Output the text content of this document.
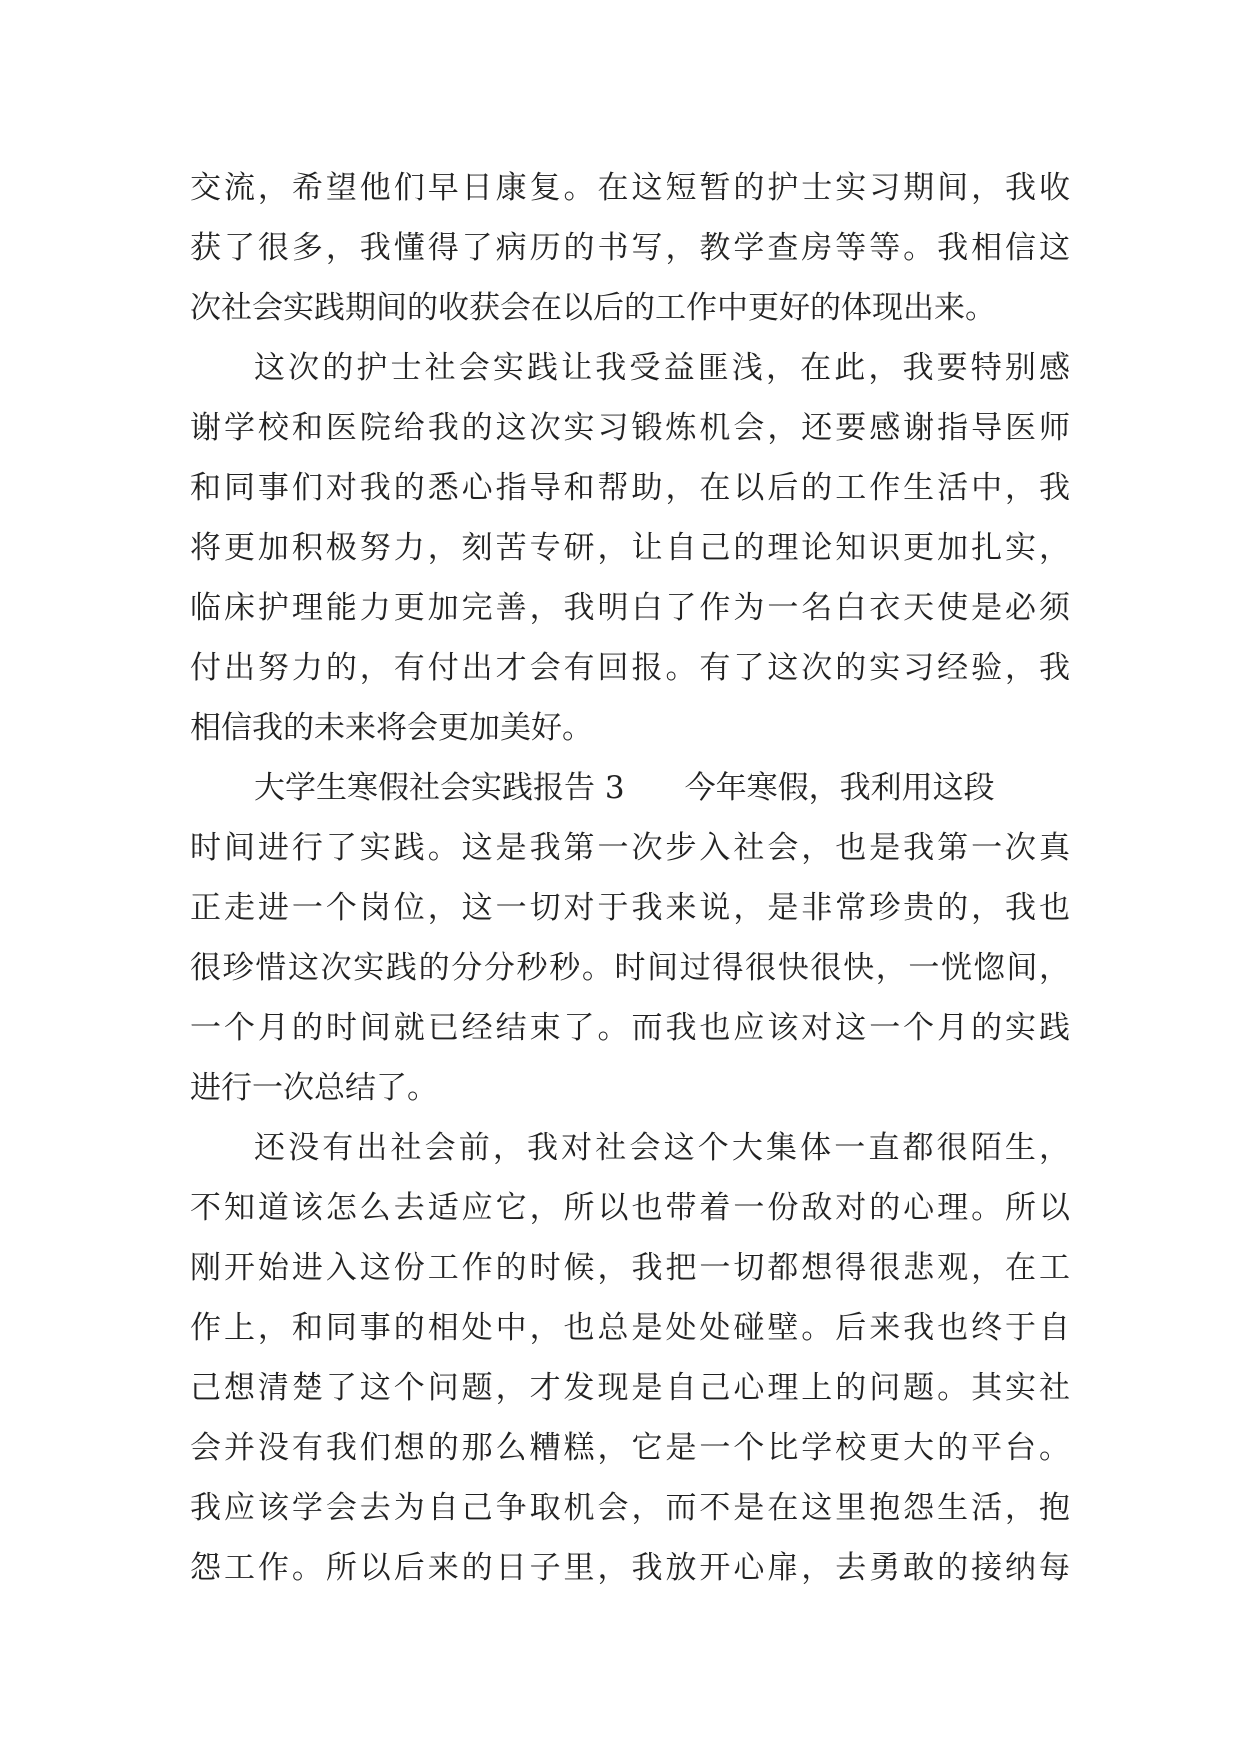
交流，希望他们早日康复。在这短暂的护士实习期间，我收
获了很多，我懂得了病历的书写，教学查房等等。我相信这
次社会实践期间的收获会在以后的工作中更好的体现出来。
这次的护士社会实践让我受益匪浅，在此，我要特别感
谢学校和医院给我的这次实习锻炼机会，还要感谢指导医师
和同事们对我的悉心指导和帮助，在以后的工作生活中，我
将更加积极努力，刻苦专研，让自己的理论知识更加扎实，
临床护理能力更加完善，我明白了作为一名白衣天使是必须
付出努力的，有付出才会有回报。有了这次的实习经验，我
相信我的未来将会更加美好。
大学生寒假社会实践报告 3 今年寒假，我利用这段
时间进行了实践。这是我第一次步入社会，也是我第一次真
正走进一个岗位，这一切对于我来说，是非常珍贵的，我也
很珍惜这次实践的分分秒秒。时间过得很快很快，一恍惚间，
一个月的时间就已经结束了。而我也应该对这一个月的实践
进行一次总结了。
还没有出社会前，我对社会这个大集体一直都很陌生，
不知道该怎么去适应它，所以也带着一份敌对的心理。所以
刚开始进入这份工作的时候，我把一切都想得很悲观，在工
作上，和同事的相处中，也总是处处碰壁。后来我也终于自
己想清楚了这个问题，才发现是自己心理上的问题。其实社
会并没有我们想的那么糟糕，它是一个比学校更大的平台。
我应该学会去为自己争取机会，而不是在这里抱怨生活，抱
怨工作。所以后来的日子里，我放开心扉，去勇敢的接纳每
